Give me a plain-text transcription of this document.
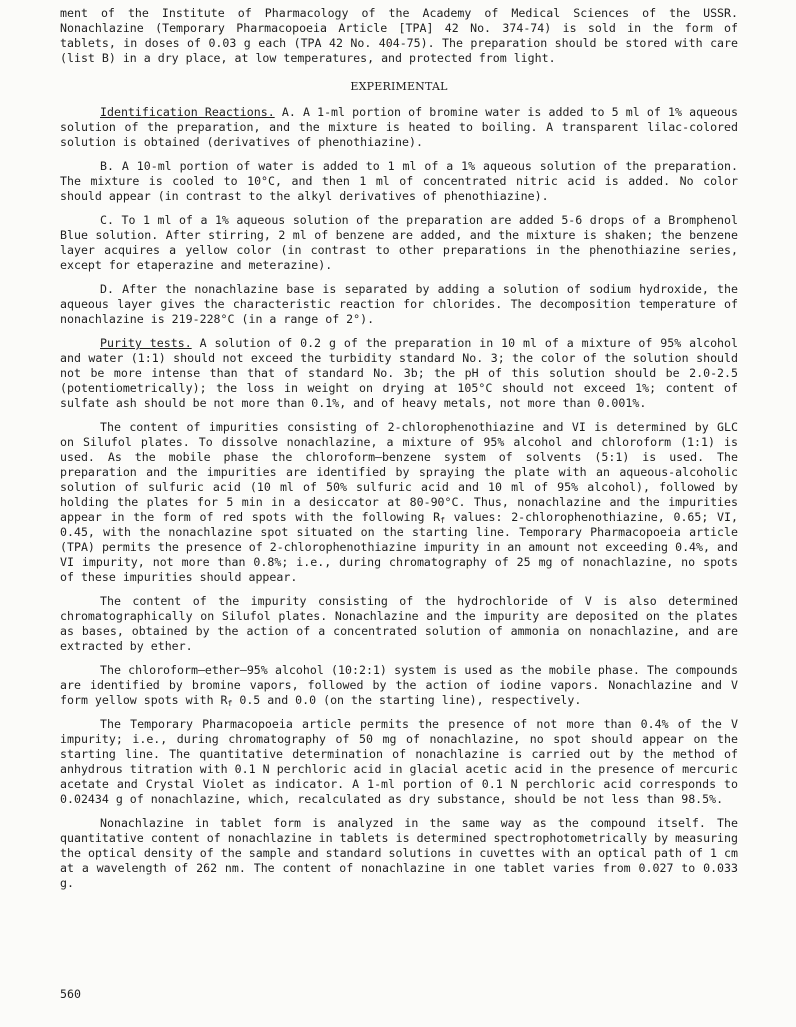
ment of the Institute of Pharmacology of the Academy of Medical Sciences of the USSR. Nonachlazine (Temporary Pharmacopoeia Article [TPA] 42 No. 374-74) is sold in the form of tablets, in doses of 0.03 g each (TPA 42 No. 404-75). The preparation should be stored with care (list B) in a dry place, at low temperatures, and protected from light.

EXPERIMENTAL

Identification Reactions. A. A 1-ml portion of bromine water is added to 5 ml of 1% aqueous solution of the preparation, and the mixture is heated to boiling. A transparent lilac-colored solution is obtained (derivatives of phenothiazine).

B. A 10-ml portion of water is added to 1 ml of a 1% aqueous solution of the preparation. The mixture is cooled to 10°C, and then 1 ml of concentrated nitric acid is added. No color should appear (in contrast to the alkyl derivatives of phenothiazine).

C. To 1 ml of a 1% aqueous solution of the preparation are added 5-6 drops of a Bromphenol Blue solution. After stirring, 2 ml of benzene are added, and the mixture is shaken; the benzene layer acquires a yellow color (in contrast to other preparations in the phenothiazine series, except for etaperazine and meterazine).

D. After the nonachlazine base is separated by adding a solution of sodium hydroxide, the aqueous layer gives the characteristic reaction for chlorides. The decomposition temperature of nonachlazine is 219-228°C (in a range of 2°).

Purity tests. A solution of 0.2 g of the preparation in 10 ml of a mixture of 95% alcohol and water (1:1) should not exceed the turbidity standard No. 3; the color of the solution should not be more intense than that of standard No. 3b; the pH of this solution should be 2.0-2.5 (potentiometrically); the loss in weight on drying at 105°C should not exceed 1%; content of sulfate ash should be not more than 0.1%, and of heavy metals, not more than 0.001%.

The content of impurities consisting of 2-chlorophenothiazine and VI is determined by GLC on Silufol plates. To dissolve nonachlazine, a mixture of 95% alcohol and chloroform (1:1) is used. As the mobile phase the chloroform–benzene system of solvents (5:1) is used. The preparation and the impurities are identified by spraying the plate with an aqueous-alcoholic solution of sulfuric acid (10 ml of 50% sulfuric acid and 10 ml of 95% alcohol), followed by holding the plates for 5 min in a desiccator at 80-90°C. Thus, nonachlazine and the impurities appear in the form of red spots with the following $R_f$ values: 2-chlorophenothiazine, 0.65; VI, 0.45, with the nonachlazine spot situated on the starting line. Temporary Pharmacopoeia article (TPA) permits the presence of 2-chlorophenothiazine impurity in an amount not exceeding 0.4%, and VI impurity, not more than 0.8%; i.e., during chromatography of 25 mg of nonachlazine, no spots of these impurities should appear.

The content of the impurity consisting of the hydrochloride of V is also determined chromatographically on Silufol plates. Nonachlazine and the impurity are deposited on the plates as bases, obtained by the action of a concentrated solution of ammonia on nonachlazine, and are extracted by ether.

The chloroform–ether–95% alcohol (10:2:1) system is used as the mobile phase. The compounds are identified by bromine vapors, followed by the action of iodine vapors. Nonachlazine and V form yellow spots with $R_f$ 0.5 and 0.0 (on the starting line), respectively.

The Temporary Pharmacopoeia article permits the presence of not more than 0.4% of the V impurity; i.e., during chromatography of 50 mg of nonachlazine, no spot should appear on the starting line. The quantitative determination of nonachlazine is carried out by the method of anhydrous titration with 0.1 N perchloric acid in glacial acetic acid in the presence of mercuric acetate and Crystal Violet as indicator. A 1-ml portion of 0.1 N perchloric acid corresponds to 0.02434 g of nonachlazine, which, recalculated as dry substance, should be not less than 98.5%.

Nonachlazine in tablet form is analyzed in the same way as the compound itself. The quantitative content of nonachlazine in tablets is determined spectrophotometrically by measuring the optical density of the sample and standard solutions in cuvettes with an optical path of 1 cm at a wavelength of 262 nm. The content of nonachlazine in one tablet varies from 0.027 to 0.033 g.

560
